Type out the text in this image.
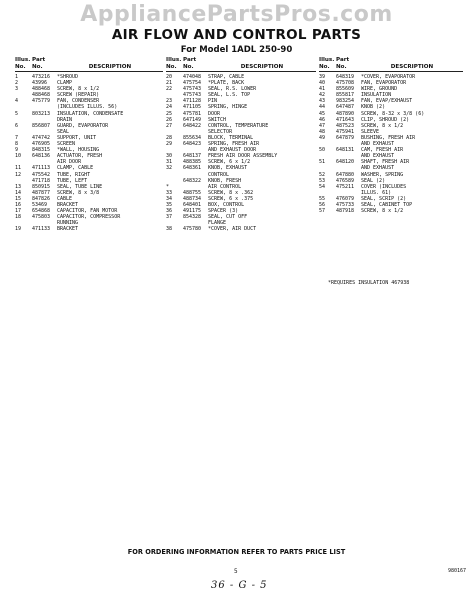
AppliancePartsPros.com
AIR FLOW AND CONTROL PARTS
For Model 1ADL 250-90
Illus. Part
No.	No.	DESCRIPTION
1	473216	*SHROUD
2	43996	CLAMP
3	488468	SCREW, 8 x 1/2
488468	SCREW (REPAIR)
4	475779	FAN, CONDENSER
(INCLUDES ILLUS. 56)
5	803213	INSULATION, CONDENSATE
DRAIN
6	856807	GUARD, EVAPORATOR
SEAL
7	474742	SUPPORT, UNIT
8	476905	SCREEN
9	848315	*WALL, HOUSING
10	648136	ACTUATOR, FRESH
AIR DOOR
11	471113	CLAMP, CABLE
12	475542	TUBE, RIGHT
471718	TUBE, LEFT
13	850915	SEAL, TUBE LINE
14	487877	SCREW, 8 x 3/8
15	847826	CABLE
16	53469	BRACKET
17	654868	CAPACITOR, FAN MOTOR
18	475803	CAPACITOR, COMPRESSOR
RUNNING
19	471133	BRACKET
Illus. Part
No.	No.	DESCRIPTION
20	474048	STRAP, CABLE
21	475754	*PLATE, BACK
22	475743	SEAL, R.S. LOWER
475743	SEAL, L.S. TOP
23	471128	PIN
24	471105	SPRING, HINGE
25	475781	DOOR
26	647149	SWITCH
27	648422	CONTROL, TEMPERATURE
SELECTOR
28	855634	BLOCK, TERMINAL
29	648423	SPRING, FRESH AIR
AND EXHAUST DOOR
30	648137	FRESH AIR DOOR ASSEMBLY
31	488385	SCREW, 6 x 1/2
32	648361	KNOB, EXHAUST
CONTROL
648322	KNOB, FRESH
*	AIR CONTROL
33	488755	SCREW, 8 x .362
34	488734	SCREW, 6 x .375
35	648401	BOX, CONTROL
36	491175	SPACER (3)
37	854328	SEAL, CUT OFF
FLANGE
38	475780	*COVER, AIR DUCT
Illus. Part
No.	No.	DESCRIPTION
39	648319	*COVER, EVAPORATOR
40	475708	FAN, EVAPORATOR
41	855609	WIRE, GROUND
42	855817	INSULATION
43	983254	FAN, EVAP/EXHAUST
44	647487	KNOB (2)
45	487890	SCREW, 8-32 x 3/8 (6)
46	471643	CLIP, SHROUD (2)
47	487523	SCREW, 8 x 1/2
48	475941	SLEEVE
49	647879	BUSHING, FRESH AIR
AND EXHAUST
50	648131	CAM, FRESH AIR
AND EXHAUST
51	648120	SHAFT, FRESH AIR
AND EXHAUST
52	647880	WASHER, SPRING
53	476589	SEAL (2)
54	475211	COVER (INCLUDES
ILLUS. 61)
55	476079	SEAL, SCRIP (2)
56	475733	SEAL, CABINET TOP
57	487918	SCREW, 8 x 1/2
*REQUIRES INSULATION 467938
FOR ORDERING INFORMATION REFER TO PARTS PRICE LIST
5	980167
36 - G - 5
